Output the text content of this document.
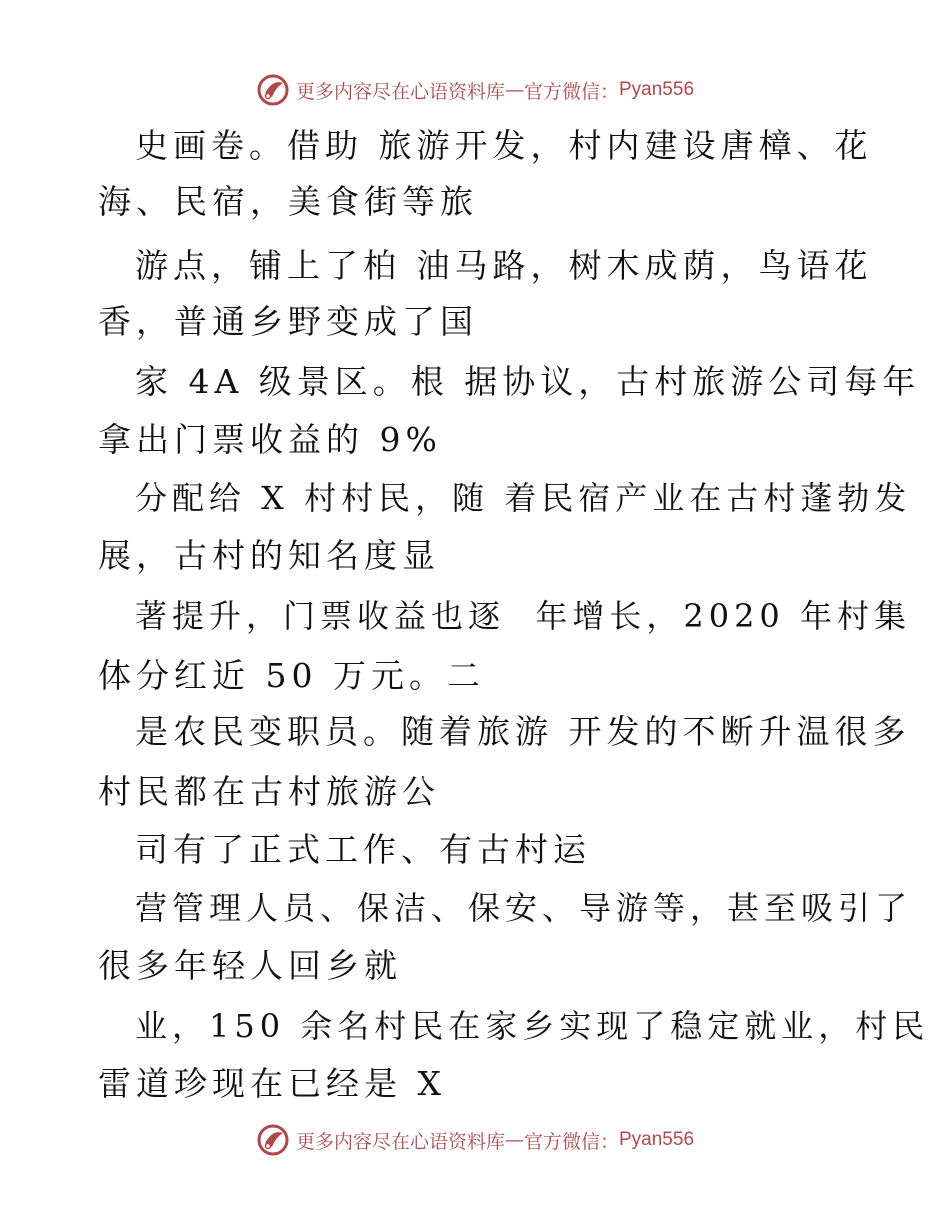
更多内容尽在心语资料库 — 官方微信： Pyan556
史画卷。借助 旅游开发，村内建设唐樟、花
海、民宿，美食街等旅
游点，铺上了柏 油马路，树木成荫，鸟语花
香，普通乡野变成了国
家 4A 级景区。根 据协议，古村旅游公司每年
拿出门票收益的 9%
分配给 X 村村民，随 着民宿产业在古村蓬勃发
展，古村的知名度显
著提升，门票收益也逐  年增长，2020 年村集
体分红近 50 万元。二
是农民变职员。随着旅游 开发的不断升温很多
村民都在古村旅游公
司有了正式工作、有古村运
营管理人员、保洁、保安、导游等，甚至吸引了
很多年轻人回乡就
业，150 余名村民在家乡实现了稳定就业，村民
雷道珍现在已经是 X
更多内容尽在心语资料库 — 官方微信： Pyan556
